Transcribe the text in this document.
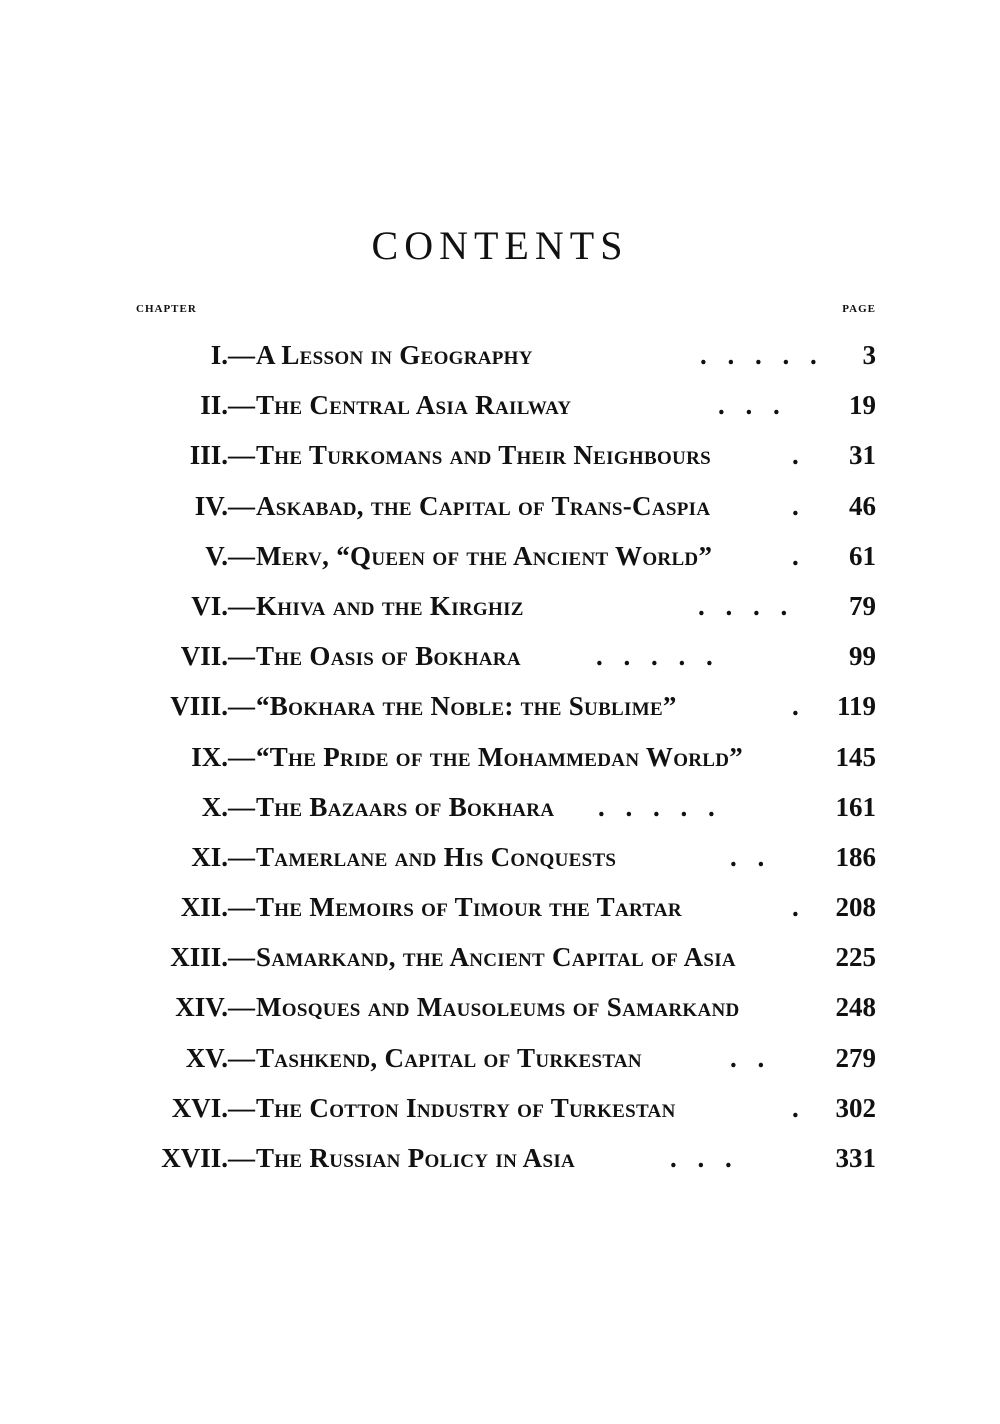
CONTENTS
CHAPTER	PAGE
I. — A Lesson in Geography	. . . . . 3
II. — The Central Asia Railway	. . .	19
III. — The Turkomans and Their Neighbours	. 31
IV. — Askabad, the Capital of Trans-Caspia	. 46
V. — Merv, “Queen of the Ancient World”	. 61
VI. — Khiva and the Kirghiz	. . . . 79
VII. — The Oasis of Bokhara	. . . . .	99
VIII. — “Bokhara the Noble: the Sublime”	. 119
IX. — “The Pride of the Mohammedan World”	145
X. — The Bazaars of Bokhara . . . . .	161
XI. — Tamerlane and His Conquests	. .	186
XII. — The Memoirs of Timour the Tartar	. 208
XIII. — Samarkand, the Ancient Capital of Asia	225
XIV. — Mosques and Mausoleums of Samarkand	248
XV. — Tashkend, Capital of Turkestan	. .	279
XVI. — The Cotton Industry of Turkestan	. 302
XVII. — The Russian Policy in Asia	. . .	331
